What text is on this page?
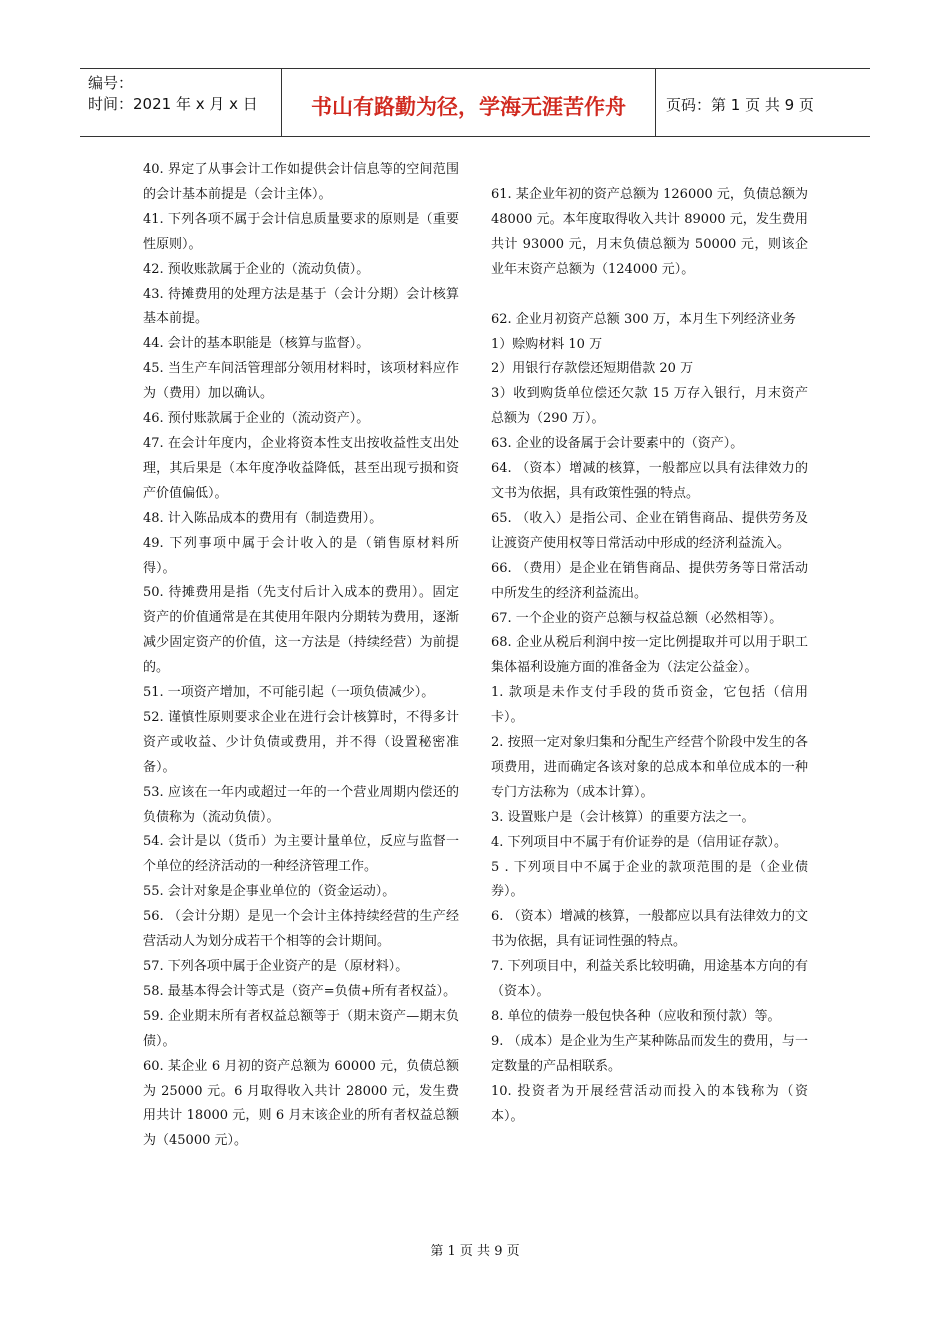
编号：
时间：2021 年 x 月 x 日	书山有路勤为径，学海无涯苦作舟	页码：第 1 页 共 9 页

40. 界定了从事会计工作如提供会计信息等的空间范围的会计基本前提是（会计主体）。

41. 下列各项不属于会计信息质量要求的原则是（重要性原则）。

42. 预收账款属于企业的（流动负债）。

43. 待摊费用的处理方法是基于（会计分期）会计核算基本前提。

44. 会计的基本职能是（核算与监督）。

45. 当生产车间活管理部分领用材料时，该项材料应作为（费用）加以确认。

46. 预付账款属于企业的（流动资产）。

47. 在会计年度内，企业将资本性支出按收益性支出处理，其后果是（本年度净收益降低，甚至出现亏损和资产价值偏低）。

48. 计入陈品成本的费用有（制造费用）。

49. 下列事项中属于会计收入的是（销售原材料所得）。

50. 待摊费用是指（先支付后计入成本的费用）。固定资产的价值通常是在其使用年限内分期转为费用，逐渐减少固定资产的价值，这一方法是（持续经营）为前提的。

51. 一项资产增加，不可能引起（一项负债减少）。

52. 谨慎性原则要求企业在进行会计核算时，不得多计资产或收益、少计负债或费用，并不得（设置秘密准备）。

53. 应该在一年内或超过一年的一个营业周期内偿还的负债称为（流动负债）。

54. 会计是以（货币）为主要计量单位，反应与监督一个单位的经济活动的一种经济管理工作。

55. 会计对象是企事业单位的（资金运动）。

56. （会计分期）是见一个会计主体持续经营的生产经营活动人为划分成若干个相等的会计期间。

57. 下列各项中属于企业资产的是（原材料）。

58. 最基本得会计等式是（资产=负债+所有者权益）。

59. 企业期末所有者权益总额等于（期末资产—期末负债）。

60. 某企业 6 月初的资产总额为 60000 元，负债总额为 25000 元。6 月取得收入共计 28000 元，发生费用共计 18000 元，则 6 月末该企业的所有者权益总额为（45000 元）。

61. 某企业年初的资产总额为 126000 元，负债总额为 48000 元。本年度取得收入共计 89000 元，发生费用共计 93000 元，月末负债总额为 50000 元，则该企业年末资产总额为（124000 元）。

62. 企业月初资产总额 300 万，本月生下列经济业务

1）赊购材料 10 万

2）用银行存款偿还短期借款 20 万

3）收到购货单位偿还欠款 15 万存入银行，月末资产总额为（290 万）。

63. 企业的设备属于会计要素中的（资产）。

64. （资本）增减的核算，一般都应以具有法律效力的文书为依据，具有政策性强的特点。

65. （收入）是指公司、企业在销售商品、提供劳务及让渡资产使用权等日常活动中形成的经济利益流入。

66. （费用）是企业在销售商品、提供劳务等日常活动中所发生的经济利益流出。

67. 一个企业的资产总额与权益总额（必然相等）。

68. 企业从税后利润中按一定比例提取并可以用于职工集体福利设施方面的准备金为（法定公益金）。

1. 款项是未作支付手段的货币资金，它包括（信用卡）。

2. 按照一定对象归集和分配生产经营个阶段中发生的各项费用，进而确定各该对象的总成本和单位成本的一种专门方法称为（成本计算）。

3. 设置账户是（会计核算）的重要方法之一。

4. 下列项目中不属于有价证券的是（信用证存款）。

5 . 下列项目中不属于企业的款项范围的是（企业债券）。

6. （资本）增减的核算，一般都应以具有法律效力的文书为依据，具有证词性强的特点。

7. 下列项目中，利益关系比较明确，用途基本方向的有（资本）。

8. 单位的债券一般包快各种（应收和预付款）等。

9. （成本）是企业为生产某种陈品而发生的费用，与一定数量的产品相联系。

10. 投资者为开展经营活动而投入的本钱称为（资本）。

第 1 页 共 9 页
